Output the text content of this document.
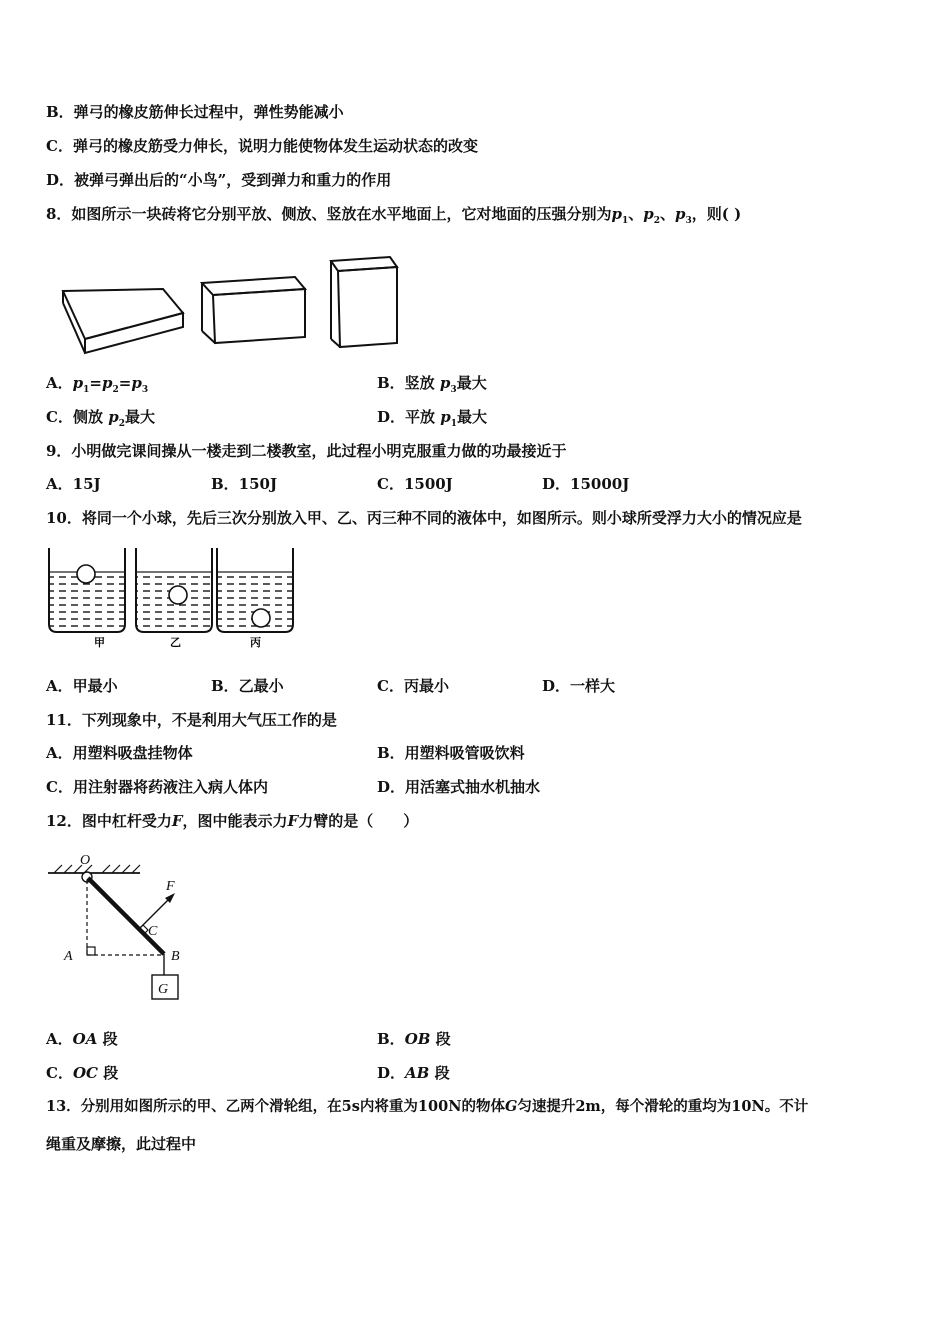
B．弹弓的橡皮筋伸长过程中，弹性势能减小
C．弹弓的橡皮筋受力伸长，说明力能使物体发生运动状态的改变
D．被弹弓弹出后的“小鸟”，受到弹力和重力的作用
8．如图所示一块砖将它分别平放、侧放、竖放在水平地面上，它对地面的压强分别为$p_1$、$p_2$、$p_3$，则( )
A．$p_1=p_2=p_3$	B．竖放 $p_3$最大
C．侧放 $p_2$最大	D．平放 $p_1$最大
9．小明做完课间操从一楼走到二楼教室，此过程小明克服重力做的功最接近于
A．15J	B．150J	C．1500J	D．15000J
10．将同一个小球，先后三次分别放入甲、乙、丙三种不同的液体中，如图所示。则小球所受浮力大小的情况应是
甲	乙	丙
A．甲最小	B．乙最小	C．丙最小	D．一样大
11．下列现象中，不是利用大气压工作的是
A．用塑料吸盘挂物体	B．用塑料吸管吸饮料
C．用注射器将药液注入病人体内	D．用活塞式抽水机抽水
12．图中杠杆受力F，图中能表示力F力臂的是（　　）
O
F
C
A	B
G
A．OA 段	B．OB 段
C．OC 段	D．AB 段
13．分别用如图所示的甲、乙两个滑轮组，在5s内将重为100N的物体G匀速提升2m，每个滑轮的重均为10N。不计
绳重及摩擦，此过程中
